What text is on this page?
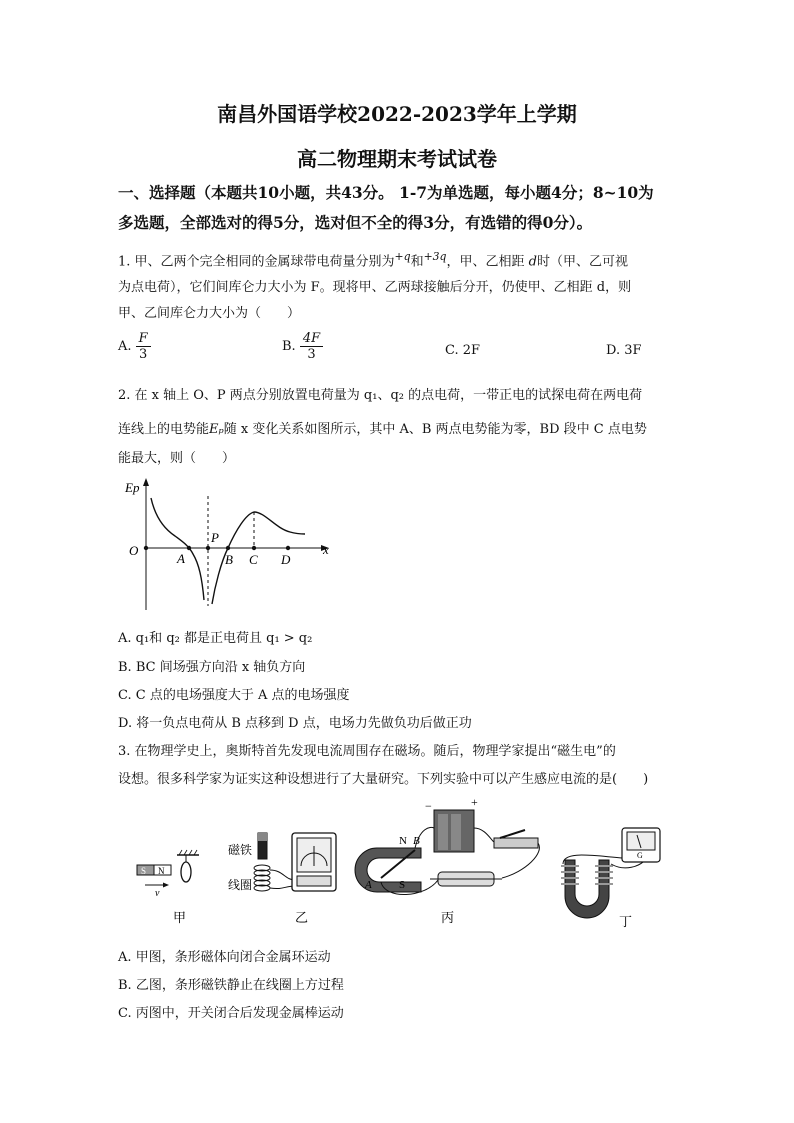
南昌外国语学校2022-2023学年上学期
高二物理期末考试试卷
一、选择题（本题共10小题，共43分。 1-7为单选题，每小题4分；8~10为
多选题，全部选对的得5分，选对但不全的得3分，有选错的得0分）。
1. 甲、乙两个完全相同的金属球带电荷量分别为$^{+q}$和$^{+3q}$，甲、乙相距 d时（甲、乙可视
为点电荷），它们间库仑力大小为 F。现将甲、乙两球接触后分开，仍使甲、乙相距 d，则
甲、乙间库仑力大小为（　　）
A. $\frac{F}{3}$	B. $\frac{4F}{3}$	C. 2F	D. 3F
2. 在 x 轴上 O、P 两点分别放置电荷量为 q₁、q₂ 的点电荷，一带正电的试探电荷在两电荷
连线上的电势能Eₚ随 x 变化关系如图所示，其中 A、B 两点电势能为零，BD 段中 C 点电势
能最大，则（　　）
Ep
x
O
A
P
B C D
A. q₁和 q₂ 都是正电荷且 q₁ > q₂
B. BC 间场强方向沿 x 轴负方向
C. C 点的电场强度大于 A 点的电场强度
D. 将一负点电荷从 B 点移到 D 点，电场力先做负功后做正功
3. 在物理学史上，奥斯特首先发现电流周围存在磁场。随后，物理学家提出“磁生电”的
设想。很多科学家为证实这种设想进行了大量研究。下列实验中可以产生感应电流的是(　　)
S N
v
甲
磁铁
线圈
乙
N B
A S
−	+
丙
G
丁
A. 甲图，条形磁体向闭合金属环运动
B. 乙图，条形磁铁静止在线圈上方过程
C. 丙图中，开关闭合后发现金属棒运动
